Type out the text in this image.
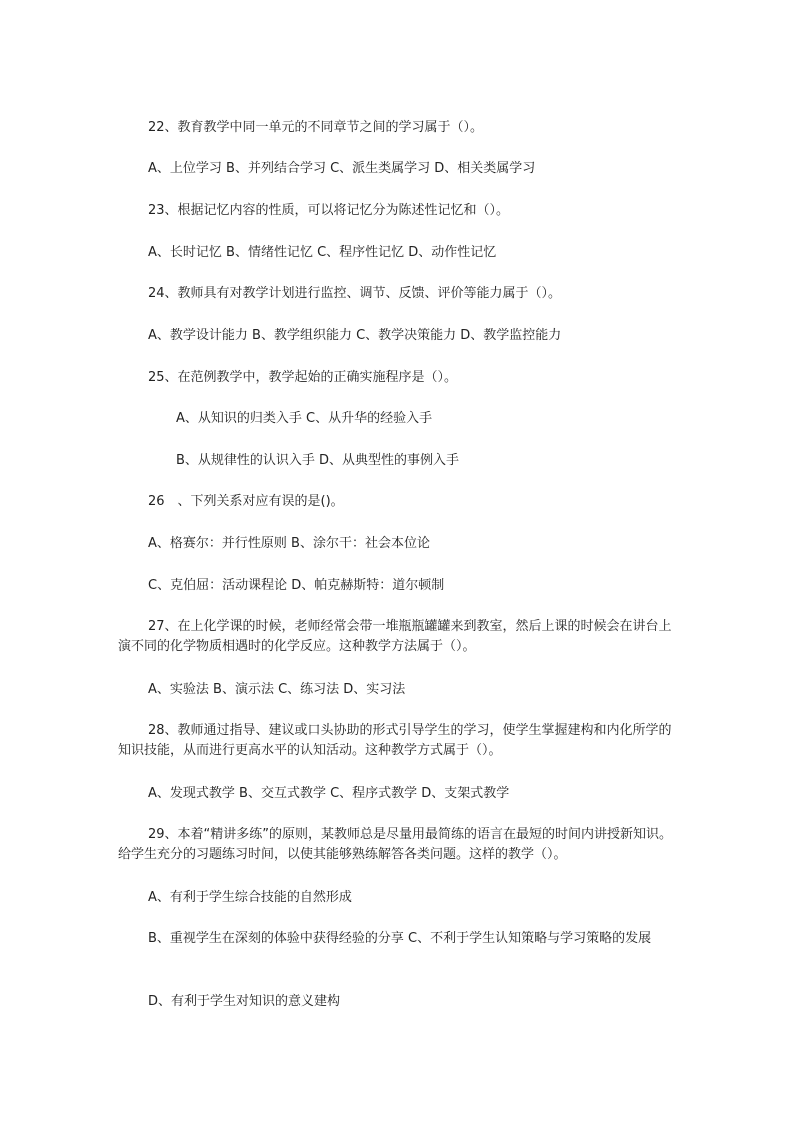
22、教育教学中同一单元的不同章节之间的学习属于（）。
A、上位学习 B、并列结合学习 C、派生类属学习 D、相关类属学习
23、根据记忆内容的性质，可以将记忆分为陈述性记忆和（）。
A、长时记忆 B、情绪性记忆 C、程序性记忆 D、动作性记忆
24、教师具有对教学计划进行监控、调节、反馈、评价等能力属于（）。
A、教学设计能力 B、教学组织能力 C、教学决策能力 D、教学监控能力
25、在范例教学中，教学起始的正确实施程序是（）。
A、从知识的归类入手 C、从升华的经验入手
B、从规律性的认识入手 D、从典型性的事例入手
26　、下列关系对应有误的是()。
A、格赛尔：并行性原则 B、涂尔干：社会本位论
C、克伯屈：活动课程论 D、帕克赫斯特：道尔顿制
27、在上化学课的时候，老师经常会带一堆瓶瓶罐罐来到教室，然后上课的时候会在讲台上演不同的化学物质相遇时的化学反应。这种教学方法属于（）。
A、实验法 B、演示法 C、练习法 D、实习法
28、教师通过指导、建议或口头协助的形式引导学生的学习，使学生掌握建构和内化所学的知识技能，从而进行更高水平的认知活动。这种教学方式属于（）。
A、发现式教学 B、交互式教学 C、程序式教学 D、支架式教学
29、本着“精讲多练”的原则，某教师总是尽量用最简练的语言在最短的时间内讲授新知识。给学生充分的习题练习时间，以使其能够熟练解答各类问题。这样的教学（）。
A、有利于学生综合技能的自然形成
B、重视学生在深刻的体验中获得经验的分享 C、不利于学生认知策略与学习策略的发展
D、有利于学生对知识的意义建构
